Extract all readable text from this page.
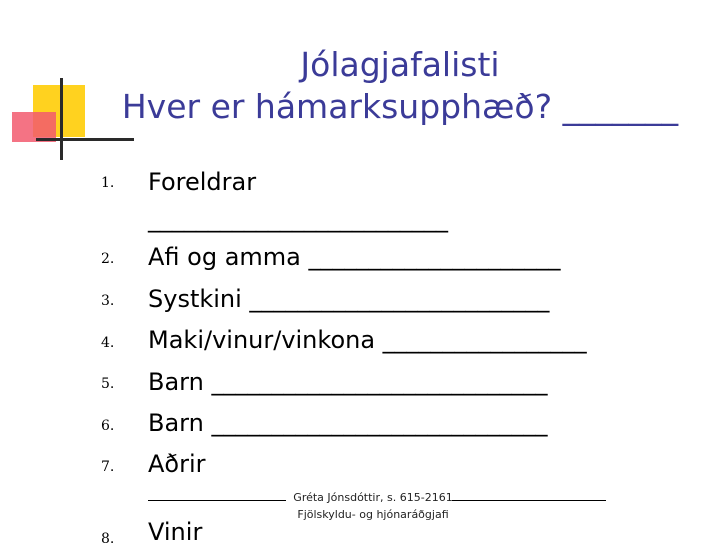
Jólagjafalisti
Hver er hámarksupphæð? _______
1. Foreldrar
_________________________
2. Afi og amma _____________________
3. Systkini _________________________
4. Maki/vinur/vinkona _________________
5. Barn ____________________________
6. Barn ____________________________
7. Aðrir
8. Vinir
Gréta Jónsdóttir, s. 615-2161
Fjölskyldu- og hjónaráðgjafi
